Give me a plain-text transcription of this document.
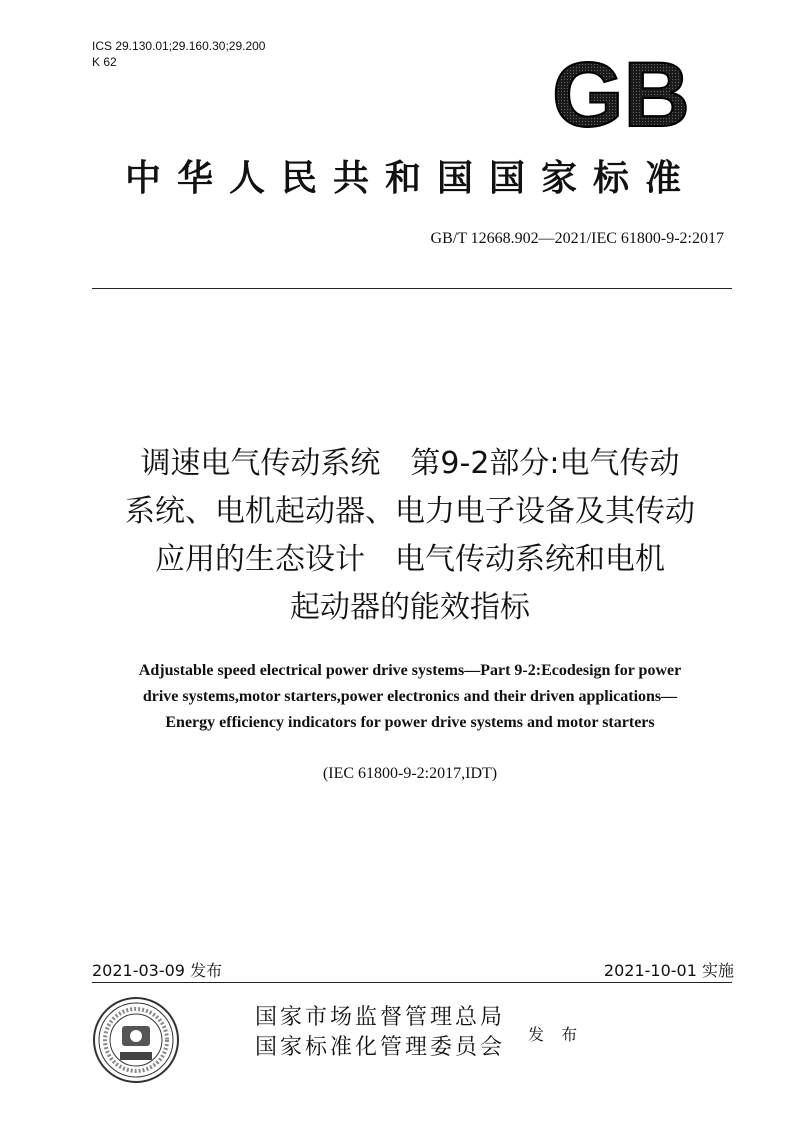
ICS 29.130.01;29.160.30;29.200
K 62	GB
中华人民共和国国家标准
GB/T 12668.902—2021/IEC 61800-9-2:2017
调速电气传动系统　第9-2部分:电气传动
系统、电机起动器、电力电子设备及其传动
应用的生态设计　电气传动系统和电机
起动器的能效指标
Adjustable speed electrical power drive systems—Part 9-2:Ecodesign for power
drive systems,motor starters,power electronics and their driven applications—
Energy efficiency indicators for power drive systems and motor starters
(IEC 61800-9-2:2017,IDT)
2021-03-09 发布	2021-10-01 实施
国家市场监督管理总局
国家标准化管理委员会
发 布
